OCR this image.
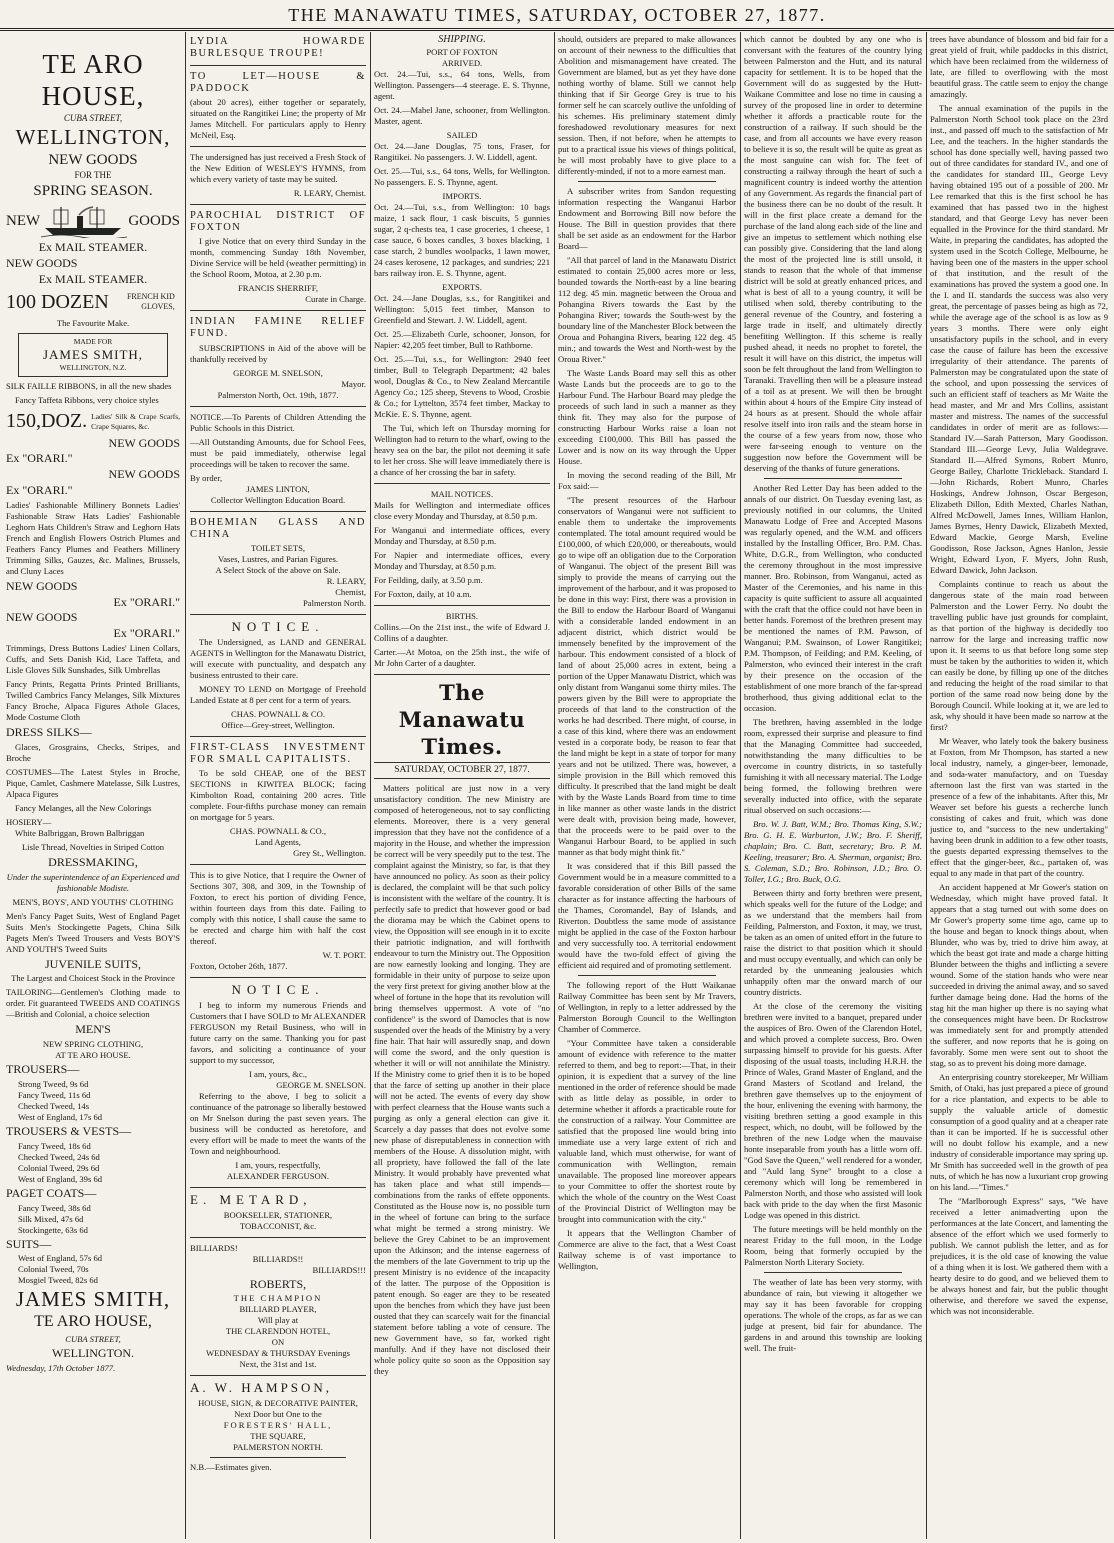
THE MANAWATU TIMES, SATURDAY, OCTOBER 27, 1877.
TE ARO
HOUSE,
CUBA STREET,
WELLINGTON,
NEW GOODS
FOR THE
SPRING SEASON.
NEW	GOODS
Ex MAIL STEAMER.
NEW GOODS
Ex MAIL STEAMER.
100 DOZEN	FRENCH KID GLOVES,
The Favourite Make.
MADE FOR
JAMES SMITH,
WELLINGTON, N.Z.

SILK FAILLE RIBBONS, in all the new shades

Fancy Taffeta Ribbons, very choice styles

150,DOZ. Ladies' Silk & Crape Scarfs, Crape Squares, &c.
NEW GOODS
Ex "ORARI."
NEW GOODS
Ex "ORARI."

Ladies' Fashionable Millinery Bonnets Ladies' Fashionable Straw Hats Ladies' Fashionable Leghorn Hats Children's Straw and Leghorn Hats French and English Flowers Ostrich Plumes and Feathers Fancy Plumes and Feathers Millinery Trimming Silks, Gauzes, &c. Malines, Brussels, and Cluny Laces

NEW GOODS
Ex "ORARI."
NEW GOODS
Ex "ORARI."

Trimmings, Dress Buttons Ladies' Linen Collars, Cuffs, and Sets Danish Kid, Lace Taffeta, and Lisle Gloves Silk Sunshades, Silk Umbrellas

Fancy Prints, Regatta Prints Printed Brilliants, Twilled Cambrics Fancy Melanges, Silk Mixtures Fancy Broche, Alpaca Figures Athole Glaces, Mode Costume Cloth

DRESS SILKS—

Glaces, Grosgrains, Checks, Stripes, and Broche

COSTUMES—The Latest Styles in Broche, Pique, Camlet, Cashmere Matelasse, Silk Lustres, Alpaca Figures

Fancy Melanges, all the New Colorings

HOSIERY—

White Balbriggan, Brown Balbriggan

Lisle Thread, Novelties in Striped Cotton

DRESSMAKING,

Under the superintendence of an Experienced and fashionable Modiste.

MEN'S, BOYS', AND YOUTHS' CLOTHING

Men's Fancy Paget Suits, West of England Paget Suits Men's Stockingette Pagets, China Silk Pagets Men's Tweed Trousers and Vests BOY'S AND YOUTH'S Tweed Suits

JUVENILE SUITS,

The Largest and Choicest Stock in the Province

TAILORING—Gentlemen's Clothing made to order. Fit guaranteed TWEEDS AND COATINGS—British and Colonial, a choice selection

MEN'S
NEW SPRING CLOTHING,
AT TE ARO HOUSE.
TROUSERS—
Strong Tweed, 9s 6d
Fancy Tweed, 11s 6d
Checked Tweed, 14s
West of England, 17s 6d
TROUSERS & VESTS—
Fancy Tweed, 18s 6d
Checked Tweed, 24s 6d
Colonial Tweed, 29s 6d
West of England, 39s 6d
PAGET COATS—
Fancy Tweed, 38s 6d
Silk Mixed, 47s 6d
Stockingette, 63s 6d
SUITS—
West of England, 57s 6d
Colonial Tweed, 70s
Mosgiel Tweed, 82s 6d
JAMES SMITH,
TE ARO HOUSE,
CUBA STREET,
WELLINGTON.
Wednesday, 17th October 1877.
LYDIA HOWARDE BURLESQUE TROUPE!
TO LET—HOUSE & PADDOCK

(about 20 acres), either together or separately, situated on the Rangitikei Line; the property of Mr James Mitchell. For particulars apply to Henry McNeil, Esq.

The undersigned has just received a Fresh Stock of the New Edition of WESLEY'S HYMNS, from which every variety of taste may be suited.

R. LEARY, Chemist.
PAROCHIAL DISTRICT OF FOXTON

I give Notice that on every third Sunday in the month, commencing Sunday 18th November, Divine Service will be held (weather permitting) in the School Room, Motoa, at 2.30 p.m.

FRANCIS SHERRIFF,
Curate in Charge.
INDIAN FAMINE RELIEF FUND.

SUBSCRIPTIONS in Aid of the above will be thankfully received by

GEORGE M. SNELSON,
Mayor.
Palmerston North, Oct. 19th, 1877.

NOTICE.—To Parents of Children Attending the Public Schools in this District.

—All Outstanding Amounts, due for School Fees, must be paid immediately, otherwise legal proceedings will be taken to recover the same.

By order,
JAMES LINTON,
Collector Wellington Education Board.
BOHEMIAN GLASS AND CHINA
TOILET SETS,
Vases, Lustres, and Parian Figures.
A Select Stock of the above on Sale.
R. LEARY,
Chemist,
Palmerston North.
NOTICE.

The Undersigned, as LAND and GENERAL AGENTS in Wellington for the Manawatu District, will execute with punctuality, and despatch any business entrusted to their care.

MONEY TO LEND on Mortgage of Freehold Landed Estate at 8 per cent for a term of years.

CHAS. POWNALL & CO.
Office—Grey-street, Wellington.
FIRST-CLASS INVESTMENT FOR SMALL CAPITALISTS.

To be sold CHEAP, one of the BEST SECTIONS in KIWITEA BLOCK; facing Kimbolton Road, containing 200 acres. Title complete. Four-fifths purchase money can remain on mortgage for 5 years.

CHAS. POWNALL & CO.,
Land Agents,
Grey St., Wellington.

This is to give Notice, that I require the Owner of Sections 307, 308, and 309, in the Township of Foxton, to erect his portion of dividing Fence, within fourteen days from this date. Failing to comply with this notice, I shall cause the same to be erected and charge him with half the cost thereof.

W. T. PORT.
Foxton, October 26th, 1877.
NOTICE.

I beg to inform my numerous Friends and Customers that I have SOLD to Mr ALEXANDER FERGUSON my Retail Business, who will in future carry on the same. Thanking you for past favors, and soliciting a continuance of your support to my successor,

I am, yours, &c.,
GEORGE M. SNELSON.

Referring to the above, I beg to solicit a continuance of the patronage so liberally bestowed on Mr Snelson during the past seven years. The business will be conducted as heretofore, and every effort will be made to meet the wants of the Town and neighbourhood.

I am, yours, respectfully,
ALEXANDER FERGUSON.
E. METARD,
BOOKSELLER, STATIONER,
TOBACCONIST, &c.
BILLIARDS!
BILLIARDS!!
BILLIARDS!!!
ROBERTS,
THE CHAMPION
BILLIARD PLAYER,
Will play at
THE CLARENDON HOTEL,
ON
WEDNESDAY & THURSDAY Evenings
Next, the 31st and 1st.
A. W. HAMPSON,
HOUSE, SIGN, & DECORATIVE PAINTER,
Next Door but One to the
FORESTERS' HALL,
THE SQUARE,
PALMERSTON NORTH.
N.B.—Estimates given.
SHIPPING.
PORT OF FOXTON
ARRIVED.

Oct. 24.—Tui, s.s., 64 tons, Wells, from Wellington. Passengers—4 steerage. E. S. Thynne, agent.

Oct. 24.—Mabel Jane, schooner, from Wellington. Master, agent.

SAILED

Oct. 24.—Jane Douglas, 75 tons, Fraser, for Rangitikei. No passengers. J. W. Liddell, agent.

Oct. 25.—Tui, s.s., 64 tons, Wells, for Wellington. No passengers. E. S. Thynne, agent.

IMPORTS.

Oct. 24.—Tui, s.s., from Wellington: 10 bags maize, 1 sack flour, 1 cask biscuits, 5 gunnies sugar, 2 q-chests tea, 1 case groceries, 1 cheese, 1 case sauce, 6 boxes candles, 3 boxes blacking, 1 case starch, 2 bundles woolpacks, 1 lawn mower, 24 cases kerosene, 12 packages, and sundries; 221 bars railway iron. E. S. Thynne, agent.

EXPORTS.

Oct. 24.—Jane Douglas, s.s., for Rangitikei and Wellington: 5,015 feet timber, Manson to Greenfield and Stewart. J. W. Liddell, agent.

Oct. 25.—Elizabeth Curle, schooner, Jonson, for Napier: 42,205 feet timber, Bull to Rathborne.

Oct. 25.—Tui, s.s., for Wellington: 2940 feet timber, Bull to Telegraph Department; 42 bales wool, Douglas & Co., to New Zealand Mercantile Agency Co.; 125 sheep, Stevens to Wood, Crosbie & Co.; for Lyttelton, 3574 feet timber, Mackay to McKie. E. S. Thynne, agent.

The Tui, which left on Thursday morning for Wellington had to return to the wharf, owing to the heavy sea on the bar, the pilot not deeming it safe to let her cross. She will leave immediately there is a chance of her crossing the bar in safety.

MAIL NOTICES.

Mails for Wellington and intermediate offices close every Monday and Thursday, at 8.50 p.m.

For Wanganui and intermediate offices, every Monday and Thursday, at 8.50 p.m.

For Napier and intermediate offices, every Monday and Thursday, at 8.50 p.m.

For Feilding, daily, at 3.50 p.m.

For Foxton, daily, at 10 a.m.

BIRTHS.

Collins.—On the 21st inst., the wife of Edward J. Collins of a daughter.

Carter.—At Motoa, on the 25th inst., the wife of Mr John Carter of a daughter.

The Manawatu Times.
SATURDAY, OCTOBER 27, 1877.

Matters political are just now in a very unsatisfactory condition. The new Ministry are composed of heterogeneous, not to say conflicting elements. Moreover, there is a very general impression that they have not the confidence of a majority in the House, and whether the impression be correct will be very speedily put to the test. The complaint against the Ministry, so far, is that they have announced no policy. As soon as their policy is declared, the complaint will be that such policy is inconsistent with the welfare of the country. It is perfectly safe to predict that however good or bad the diorama may be which the Cabinet opens to view, the Opposition will see enough in it to excite their patriotic indignation, and will forthwith endeavour to turn the Ministry out. The Opposition are now earnestly looking and longing. They are formidable in their unity of purpose to seize upon the very first pretext for giving another blow at the wheel of fortune in the hope that its revolution will bring themselves uppermost. A vote of "no confidence" is the sword of Damocles that is now suspended over the heads of the Ministry by a very fine hair. That hair will assuredly snap, and down will come the sword, and the only question is whether it will or will not annihilate the Ministry. If the Ministry come to grief then it is to be hoped that the farce of setting up another in their place will not be acted. The events of every day show with perfect clearness that the House wants such a purging as only a general election can give it. Scarcely a day passes that does not evolve some new phase of disreputableness in connection with members of the House. A dissolution might, with all propriety, have followed the fall of the late Ministry. It would probably have prevented what has taken place and what still impends—combinations from the ranks of effete opponents. Constituted as the House now is, no possible turn in the wheel of fortune can bring to the surface what might be termed a strong ministry. We believe the Grey Cabinet to be an improvement upon the Atkinson; and the intense eagerness of the members of the late Government to trip up the present Ministry is no evidence of the incapacity of the latter. The purpose of the Opposition is patent enough. So eager are they to be reseated upon the benches from which they have just been ousted that they can scarcely wait for the financial statement before tabling a vote of censure. The new Government have, so far, worked right manfully. And if they have not disclosed their whole policy quite so soon as the Opposition say they

should, outsiders are prepared to make allowances on account of their newness to the difficulties that Abolition and mismanagement have created. The Government are blamed, but as yet they have done nothing worthy of blame. Still we cannot help thinking that if Sir George Grey is true to his former self he can scarcely outlive the unfolding of his schemes. His preliminary statement dimly foreshadowed revolutionary measures for next session. Then, if not before, when he attempts to put to a practical issue his views of things political, he will most probably have to give place to a differently-minded, if not to a more earnest man.

A subscriber writes from Sandon requesting information respecting the Wanganui Harbor Endowment and Borrowing Bill now before the House. The Bill in question provides that there shall be set aside as an endowment for the Harbor Board—

"All that parcel of land in the Manawatu District estimated to contain 25,000 acres more or less, bounded towards the North-east by a line bearing 112 deg. 45 min. magnetic between the Oroua and Pohangina Rivers towards the East by the Pohangina River; towards the South-west by the boundary line of the Manchester Block between the Oroua and Pohangina Rivers, bearing 122 deg. 45 min.; and towards the West and North-west by the Oroua River."

The Waste Lands Board may sell this as other Waste Lands but the proceeds are to go to the Harbour Fund. The Harbour Board may pledge the proceeds of such land in such a manner as they think fit. They may also for the purpose of constructing Harbour Works raise a loan not exceeding £100,000. This Bill has passed the Lower and is now on its way through the Upper House.

In moving the second reading of the Bill, Mr Fox said:—

"The present resources of the Harbour conservators of Wanganui were not sufficient to enable them to undertake the improvements contemplated. The total amount required would be £100,000, of which £20,000, or thereabouts, would go to wipe off an obligation due to the Corporation of Wanganui. The object of the present Bill was simply to provide the means of carrying out the improvement of the harbour, and it was proposed to be done in this way: First, there was a provision in the Bill to endow the Harbour Board of Wanganui with a considerable landed endowment in an adjacent district, which district would be immensely benefited by the improvement of the harbour. This endowment consisted of a block of land of about 25,000 acres in extent, being a portion of the Upper Manawatu District, which was only distant from Wanganui some thirty miles. The powers given by the Bill were to appropriate the proceeds of that land to the construction of the works he had described. There might, of course, in a case of this kind, where there was an endowment vested in a corporate body, be reason to fear that the land might be kept in a state of torpor for many years and not be utilized. There was, however, a simple provision in the Bill which removed this difficulty. It prescribed that the land might be dealt with by the Waste Lands Board from time to time in like manner as other waste lands in the district were dealt with, provision being made, however, that the proceeds were to be paid over to the Wanganui Harbour Board, to be applied in such manner as that body might think fit."

It was considered that if this Bill passed the Government would be in a measure committed to a favorable consideration of other Bills of the same character as for instance affecting the harbours of the Thames, Coromandel, Bay of Islands, and Riverton. Doubtless the same mode of assistance might be applied in the case of the Foxton harbour and very successfully too. A territorial endowment would have the two-fold effect of giving the efficient aid required and of promoting settlement.

The following report of the Hutt Waikanae Railway Committee has been sent by Mr Travers, of Wellington, in reply to a letter addressed by the Palmerston Borough Council to the Wellington Chamber of Commerce.

"Your Committee have taken a considerable amount of evidence with reference to the matter referred to them, and beg to report:—That, in their opinion, it is expedient that a survey of the line mentioned in the order of reference should be made with as little delay as possible, in order to determine whether it affords a practicable route for the construction of a railway. Your Committee are satisfied that the proposed line would bring into immediate use a very large extent of rich and valuable land, which must otherwise, for want of communication with Wellington, remain unavailable. The proposed line moreover appears to your Committee to offer the shortest route by which the whole of the country on the West Coast of the Provincial District of Wellington may be brought into communication with the city."

It appears that the Wellington Chamber of Commerce are alive to the fact, that a West Coast Railway scheme is of vast importance to Wellington,

which cannot be doubted by any one who is conversant with the features of the country lying between Palmerston and the Hutt, and its natural capacity for settlement. It is to be hoped that the Government will do as suggested by the Hutt-Waikane Committee and lose no time in causing a survey of the proposed line in order to determine whether it affords a practicable route for the construction of a railway. If such should be the case, and from all accounts we have every reason to believe it is so, the result will be quite as great as the most sanguine can wish for. The feet of constructing a railway through the heart of such a magnificent country is indeed worthy the attention of any Government. As regards the financial part of the business there can be no doubt of the result. It will in the first place create a demand for the purchase of the land along each side of the line and give an impetus to settlement which nothing else can possibly give. Considering that the land along the most of the projected line is still unsold, it stands to reason that the whole of that immense district will be sold at greatly enhanced prices, and what is best of all to a young country, it will be utilised when sold, thereby contributing to the general revenue of the Country, and fostering a large trade in itself, and ultimately directly benefiting Wellington. If this scheme is really pushed ahead, it needs no prophet to foretel, the result it will have on this district, the impetus will soon be felt throughout the land from Wellington to Taranaki. Travelling then will be a pleasure instead of a toil as at present. We will then be brought within about 4 hours of the Empire City instead of 24 hours as at present. Should the whole affair resolve itself into iron rails and the steam horse in the course of a few years from now, those who were far-seeing enough to venture on the suggestion now before the Government will be deserving of the thanks of future generations.

Another Red Letter Day has been added to the annals of our district. On Tuesday evening last, as previously notified in our columns, the United Manawatu Lodge of Free and Accepted Masons was regularly opened, and the W.M. and officers installed by the Installing Officer, Bro. P.M. Chas. White, D.G.R., from Wellington, who conducted the ceremony throughout in the most impressive manner. Bro. Robinson, from Wanganui, acted as Master of the Ceremonies, and his name in this capacity is quite sufficient to assure all acquainted with the craft that the office could not have been in better hands. Foremost of the brethren present may be mentioned the names of P.M. Pawson, of Wanganui; P.M. Swainson, of Lower Rangitikei; P.M. Thompson, of Feilding; and P.M. Keeling, of Palmerston, who evinced their interest in the craft by their presence on the occasion of the establishment of one more branch of the far-spread brotherhood, thus giving additional eclat to the occasion.

The brethren, having assembled in the lodge room, expressed their surprise and pleasure to find that the Managing Committee had succeeded, notwithstanding the many difficulties to be overcome in country districts, in so tastefully furnishing it with all necessary material. The Lodge being formed, the following brethren were severally inducted into office, with the separate ritual observed on such occasions:—

Bro. W. J. Batt, W.M.; Bro. Thomas King, S.W.; Bro. G. H. E. Warburton, J.W.; Bro. F. Sheriff, chaplain; Bro. C. Batt, secretary; Bro. P. M. Keeling, treasurer; Bro. A. Sherman, organist; Bro. S. Coleman, S.D.; Bro. Robinson, J.D.; Bro. O. Toller, I.G.; Bro. Buck, O.G.

Between thirty and forty brethren were present, which speaks well for the future of the Lodge; and as we understand that the members hail from Feilding, Palmerston, and Foxton, it may, we trust, be taken as an omen of united effort in the future to raise the district to that position which it should and must occupy eventually, and which can only be retarded by the unmeaning jealousies which unhappily often mar the onward march of our country districts.

At the close of the ceremony the visiting brethren were invited to a banquet, prepared under the auspices of Bro. Owen of the Clarendon Hotel, and which proved a complete success, Bro. Owen surpassing himself to provide for his guests. After disposing of the usual toasts, including H.R.H. the Prince of Wales, Grand Master of England, and the Grand Masters of Scotland and Ireland, the brethren gave themselves up to the enjoyment of the hour, enlivening the evening with harmony, the visiting brethren setting a good example in this respect, which, no doubt, will be followed by the brethren of the new Lodge when the mauvaise honte inseparable from youth has a little worn off. "God Save the Queen," well rendered for a wonder, and "Auld lang Syne" brought to a close a ceremony which will long be remembered in Palmerston North, and those who assisted will look back with pride to the day when the first Masonic Lodge was opened in this district.

The future meetings will be held monthly on the nearest Friday to the full moon, in the Lodge Room, being that formerly occupied by the Palmerston North Literary Society.

The weather of late has been very stormy, with abundance of rain, but viewing it altogether we may say it has been favorable for cropping operations. The whole of the crops, as far as we can judge at present, bid fair for abundance. The gardens in and around this township are looking well. The fruit-

trees have abundance of blossom and bid fair for a great yield of fruit, while paddocks in this district, which have been reclaimed from the wilderness of late, are filled to overflowing with the most beautiful grass. The cattle seem to enjoy the change amazingly.

The annual examination of the pupils in the Palmerston North School took place on the 23rd inst., and passed off much to the satisfaction of Mr Lee, and the teachers. In the higher standards the school has done specially well, having passed two out of three candidates for standard IV., and one of the candidates for standard III., George Levy having obtained 195 out of a possible of 200. Mr Lee remarked that this is the first school he has examined that has passed two in the highest standard, and that George Levy has never been equalled in the Province for the third standard. Mr Waite, in preparing the candidates, has adopted the system used in the Scotch College, Melbourne, he having been one of the masters in the upper school of that institution, and the result of the examinations has proved the system a good one. In the I. and II. standards the success was also very great, the percentage of passes being as high as 72, while the average age of the school is as low as 9 years 3 months. There were only eight unsatisfactory pupils in the school, and in every case the cause of failure has been the excessive irregularity of their attendance. The parents of Palmerston may be congratulated upon the state of the school, and upon possessing the services of such an efficient staff of teachers as Mr Waite the head master, and Mr and Mrs Collins, assistant master and mistress. The names of the successful candidates in order of merit are as follows:— Standard IV.—Sarah Patterson, Mary Goodisson. Standard III.—George Levy, Julia Waldegrave. Standard II.—Alfred Symons, Robert Munro, George Bailey, Charlotte Trickleback. Standard I.—John Richards, Robert Munro, Charles Hoskings, Andrew Johnson, Oscar Bergeson, Elizabeth Dillon, Edith Mexted, Charles Nathan, Alfred McDowell, James Innes, William Hanlon, James Byrnes, Henry Dawick, Elizabeth Mexted, Edward Mackie, George Marsh, Eveline Goodisson, Rose Jackson, Agnes Hanlon, Jessie Wright, Edward Lyon, F. Myers, John Rush, Edward Dawick, John Jackson.

Complaints continue to reach us about the dangerous state of the main road between Palmerston and the Lower Ferry. No doubt the travelling public have just grounds for complaint, as that portion of the highway is decidedly too narrow for the large and increasing traffic now upon it. It seems to us that before long some step must be taken by the authorities to widen it, which can easily be done, by filling up one of the ditches and reducing the height of the road similar to that portion of the same road now being done by the Borough Council. While looking at it, we are led to ask, why should it have been made so narrow at the first?

Mr Weaver, who lately took the bakery business at Foxton, from Mr Thompson, has started a new local industry, namely, a ginger-beer, lemonade, and soda-water manufactory, and on Tuesday afternoon last the first van was started in the presence of a few of the inhabitants. After this, Mr Weaver set before his guests a recherche lunch consisting of cakes and fruit, which was done justice to, and "success to the new undertaking" having been drunk in addition to a few other toasts, the guests departed expressing themselves to the effect that the ginger-beer, &c., partaken of, was equal to any made in that part of the country.

An accident happened at Mr Gower's station on Wednesday, which might have proved fatal. It appears that a stag turned out with some does on Mr Gower's property some time ago, came up to the house and began to knock things about, when Blunder, who was by, tried to drive him away, at which the beast got irate and made a charge hitting Blunder between the thighs and inflicting a severe wound. Some of the station hands who were near succeeded in driving the animal away, and so saved further damage being done. Had the horns of the stag hit the man higher up there is no saying what the consequences might have been. Dr Rockstrow was immediately sent for and promptly attended the sufferer, and now reports that he is going on favorably. Some men were sent out to shoot the stag, so as to prevent his doing more damage.

An enterprising country storekeeper, Mr William Smith, of Otaki, has just prepared a piece of ground for a rice plantation, and expects to be able to supply the valuable article of domestic consumption of a good quality and at a cheaper rate than it can be imported. If he is successful other will no doubt follow his example, and a new industry of considerable importance may spring up. Mr Smith has succeeded well in the growth of pea nuts, of which he has now a luxuriant crop growing on his land.—"Times."

The "Marlborough Express" says, "We have received a letter animadverting upon the performances at the late Concert, and lamenting the absence of the effort which we used formerly to publish. We cannot publish the letter, and as for prejudices, it is the old case of knowing the value of a thing when it is lost. We gathered them with a hearty desire to do good, and we believed them to be always honest and fair, but the public thought otherwise, and therefore we saved the expense, which was not inconsiderable.
